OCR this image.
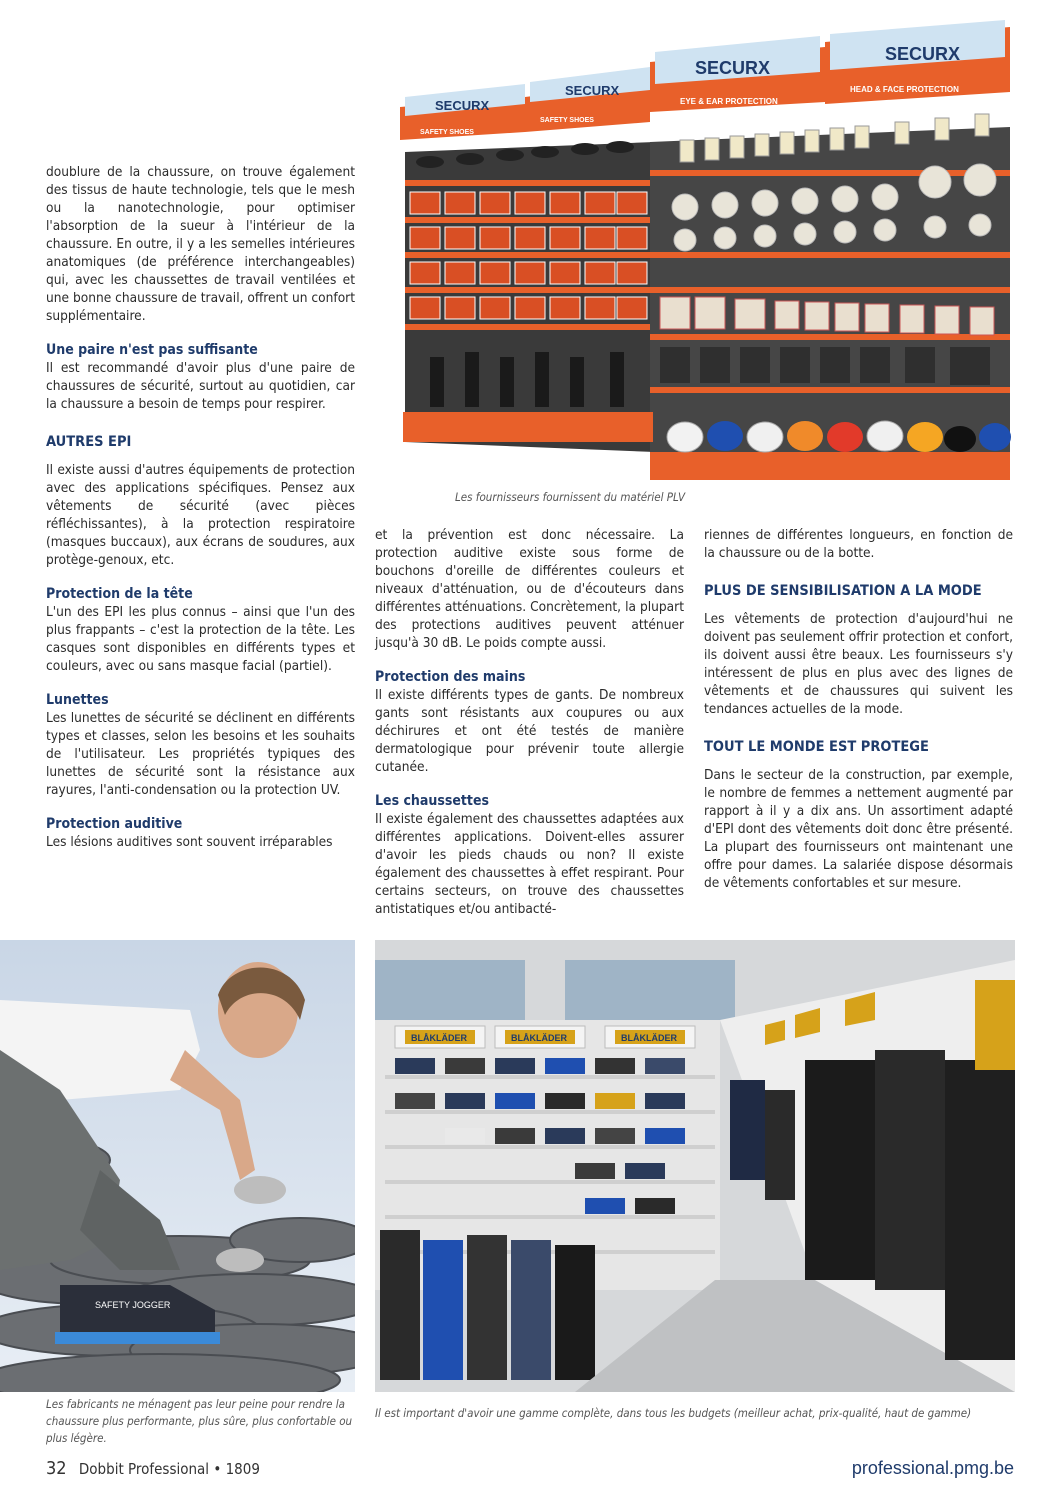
SECURX
SECURX
SECURX
SECURX
SAFETY SHOES
SAFETY SHOES
EYE & EAR PROTECTION
HEAD & FACE PROTECTION
Les fournisseurs fournissent du matériel PLV

doublure de la chaussure, on trouve également des tissus de haute technologie, tels que le mesh ou la nanotechnologie, pour optimiser l'absorption de la sueur à l'intérieur de la chaussure. En outre, il y a les semelles intérieures anatomiques (de préférence interchangeables) qui, avec les chaussettes de travail ventilées et une bonne chaussure de travail, offrent un confort supplémentaire.

Une paire n'est pas suffisante

Il est recommandé d'avoir plus d'une paire de chaussures de sécurité, surtout au quotidien, car la chaussure a besoin de temps pour respirer.

AUTRES EPI

Il existe aussi d'autres équipements de protection avec des applications spécifiques. Pensez aux vêtements de sécurité (avec pièces réfléchissantes), à la protection respiratoire (masques buccaux), aux écrans de soudures, aux protège-genoux, etc.

Protection de la tête

L'un des EPI les plus connus – ainsi que l'un des plus frappants – c'est la protection de la tête. Les casques sont disponibles en différents types et couleurs, avec ou sans masque facial (partiel).

Lunettes

Les lunettes de sécurité se déclinent en différents types et classes, selon les besoins et les souhaits de l'utilisateur. Les propriétés typiques des lunettes de sécurité sont la résistance aux rayures, l'anti-condensation ou la protection UV.

Protection auditive

Les lésions auditives sont souvent irréparables

et la prévention est donc nécessaire. La protection auditive existe sous forme de bouchons d'oreille de différentes couleurs et niveaux d'atténuation, ou de d'écouteurs dans différentes atténuations. Concrètement, la plupart des protections auditives peuvent atténuer jusqu'à 30 dB. Le poids compte aussi.

Protection des mains

Il existe différents types de gants. De nombreux gants sont résistants aux coupures ou aux déchirures et ont été testés de manière dermatologique pour prévenir toute allergie cutanée.

Les chaussettes

Il existe également des chaussettes adaptées aux différentes applications. Doivent-elles assurer d'avoir les pieds chauds ou non? Il existe également des chaussettes à effet respirant. Pour certains secteurs, on trouve des chaussettes antistatiques et/ou antibacté-

riennes de différentes longueurs, en fonction de la chaussure ou de la botte.

PLUS DE SENSIBILISATION A LA MODE

Les vêtements de protection d'aujourd'hui ne doivent pas seulement offrir protection et confort, ils doivent aussi être beaux. Les fournisseurs s'y intéressent de plus en plus avec des lignes de vêtements et de chaussures qui suivent les tendances actuelles de la mode.

TOUT LE MONDE EST PROTEGE

Dans le secteur de la construction, par exemple, le nombre de femmes a nettement augmenté par rapport à il y a dix ans. Un assortiment adapté d'EPI dont des vêtements doit donc être présenté. La plupart des fournisseurs ont maintenant une offre pour dames. La salariée dispose désormais de vêtements confortables et sur mesure.

SAFETY JOGGER
Les fabricants ne ménagent pas leur peine pour rendre la chaussure plus performante, plus sûre, plus confortable ou plus légère.
BLÅKLÄDER	BLÅKLÄDER	BLÅKLÄDER
Il est important d'avoir une gamme complète, dans tous les budgets (meilleur achat, prix-qualité, haut de gamme)
32 Dobbit Professional • 1809	professional.pmg.be
